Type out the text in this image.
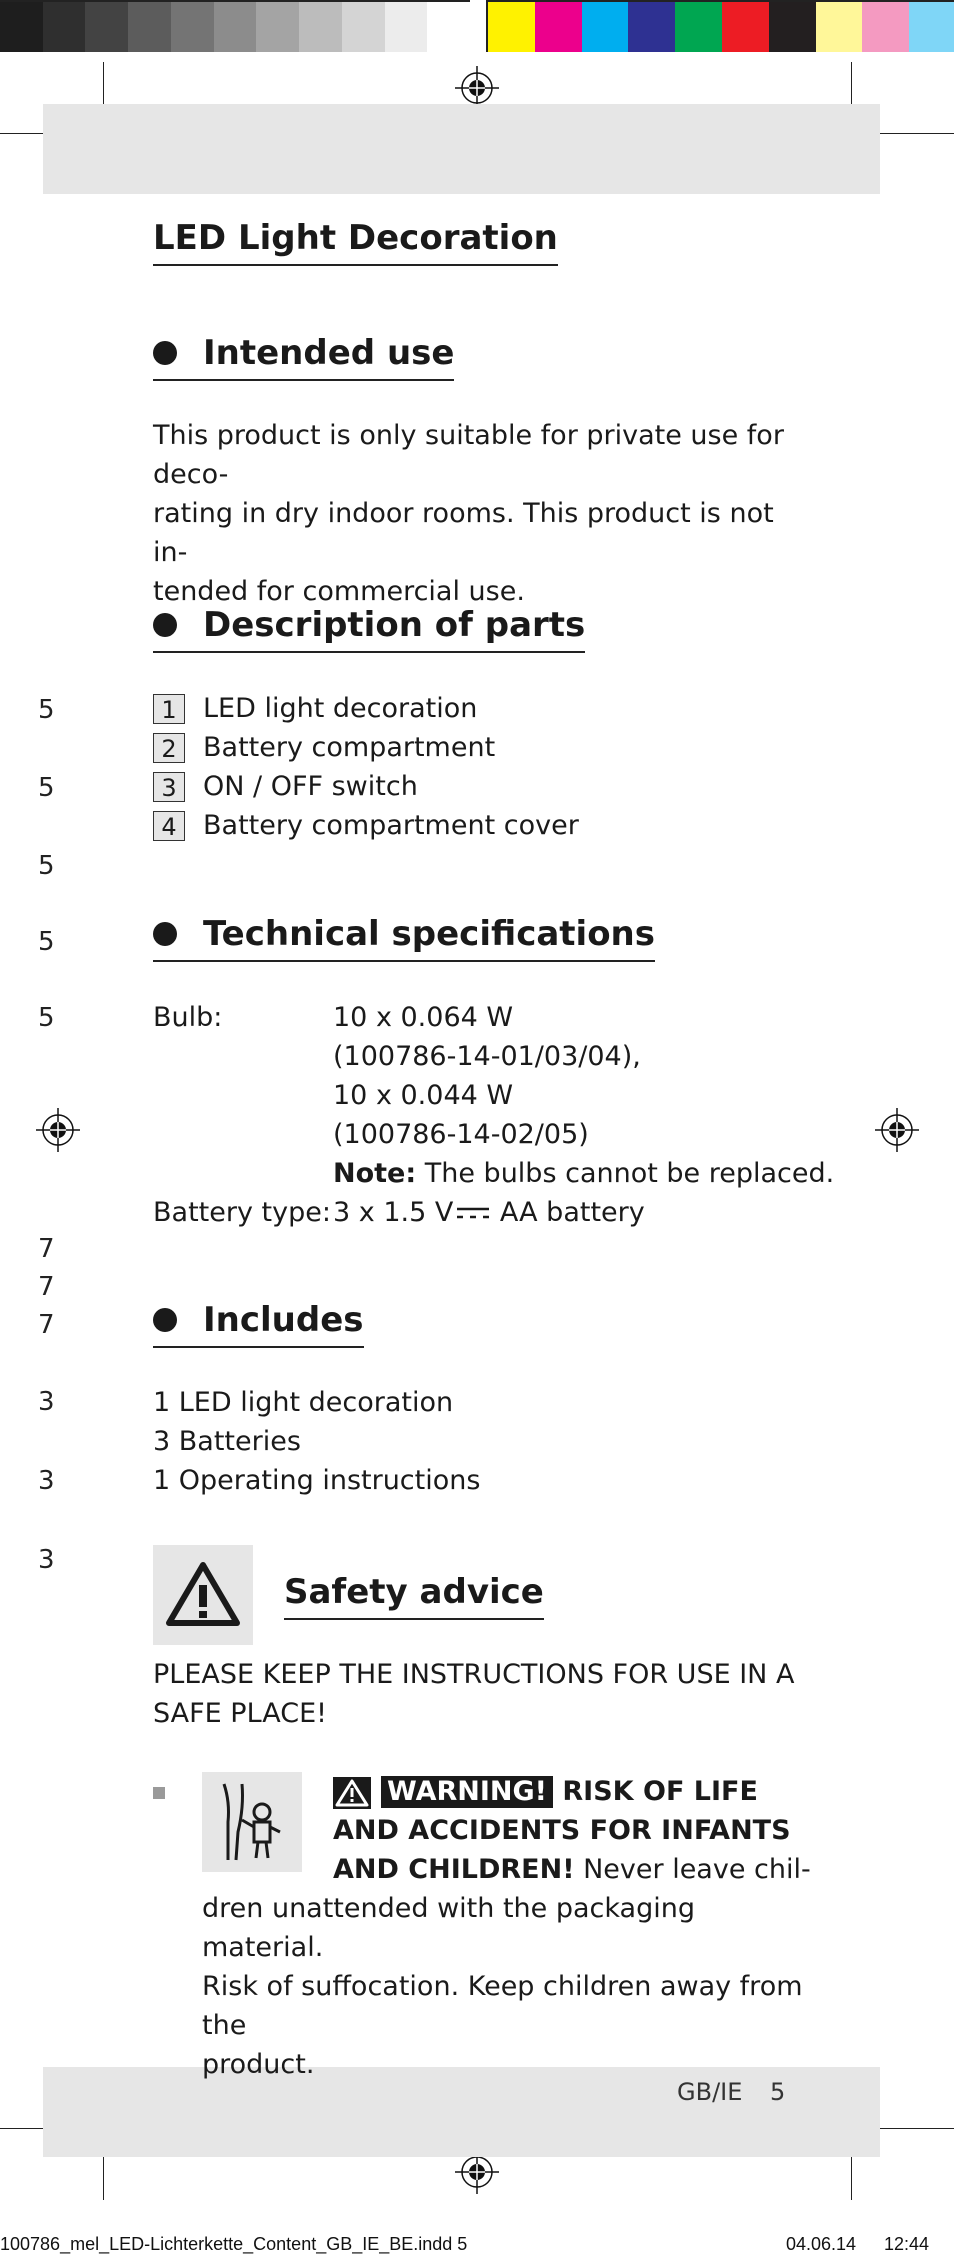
5
5
5
5
5
7
7
7
3
3
3
LED Light Decoration
Intended use
This product is only suitable for private use for deco-
rating in dry indoor rooms. This product is not in-
tended for commercial use.
Description of parts
1 LED light decoration
2 Battery compartment
3 ON / OFF switch
4 Battery compartment cover
Technical specifications
Bulb:	10 x 0.064 W
(100786-14-01/03/04),
10 x 0.044 W
(100786-14-02/05)
Note: The bulbs cannot be replaced.
Battery type: 3 x 1.5 V AA battery
Includes
1 LED light decoration
3 Batteries
1 Operating instructions
Safety advice
PLEASE KEEP THE INSTRUCTIONS FOR USE IN A
SAFE PLACE!
WARNING! RISK OF LIFE
AND ACCIDENTS FOR INFANTS
AND CHILDREN! Never leave chil-
dren unattended with the packaging material.
Risk of suffocation. Keep children away from the
product.
GB/IE 5
100786_mel_LED-Lichterkette_Content_GB_IE_BE.indd 5	04.06.14 12:44
